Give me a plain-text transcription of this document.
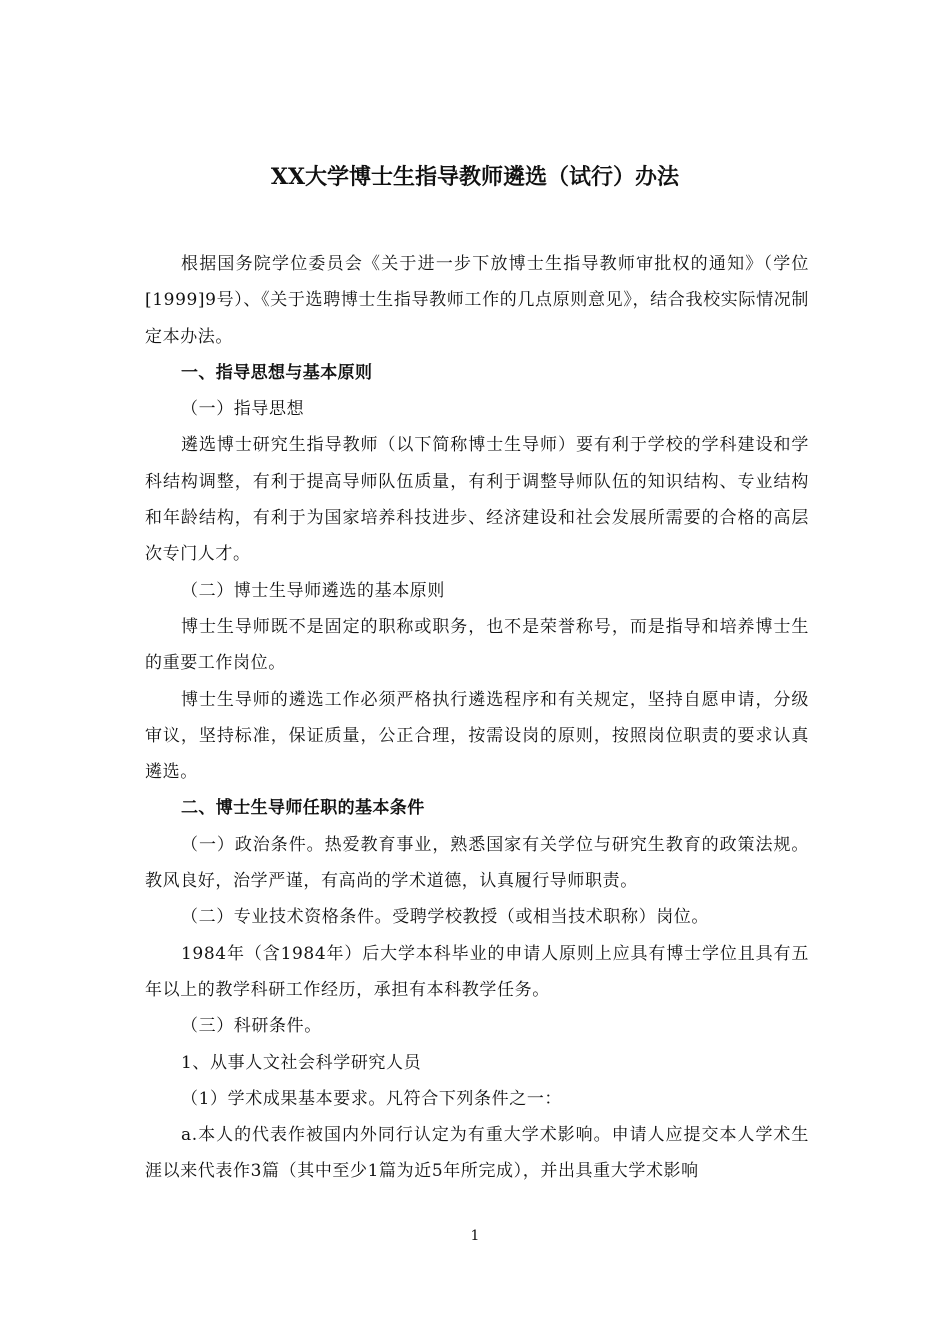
XX大学博士生指导教师遴选（试行）办法

根据国务院学位委员会《关于进一步下放博士生指导教师审批权的通知》（学位[1999]9号）、《关于选聘博士生指导教师工作的几点原则意见》，结合我校实际情况制定本办法。

一、指导思想与基本原则

（一）指导思想

遴选博士研究生指导教师（以下简称博士生导师）要有利于学校的学科建设和学科结构调整，有利于提高导师队伍质量，有利于调整导师队伍的知识结构、专业结构和年龄结构，有利于为国家培养科技进步、经济建设和社会发展所需要的合格的高层次专门人才。

（二）博士生导师遴选的基本原则

博士生导师既不是固定的职称或职务，也不是荣誉称号，而是指导和培养博士生的重要工作岗位。

博士生导师的遴选工作必须严格执行遴选程序和有关规定，坚持自愿申请，分级审议，坚持标准，保证质量，公正合理，按需设岗的原则，按照岗位职责的要求认真遴选。

二、博士生导师任职的基本条件

（一）政治条件。热爱教育事业，熟悉国家有关学位与研究生教育的政策法规。教风良好，治学严谨，有高尚的学术道德，认真履行导师职责。

（二）专业技术资格条件。受聘学校教授（或相当技术职称）岗位。

1984年（含1984年）后大学本科毕业的申请人原则上应具有博士学位且具有五年以上的教学科研工作经历，承担有本科教学任务。

（三）科研条件。

1、从事人文社会科学研究人员

（1）学术成果基本要求。凡符合下列条件之一：

a.本人的代表作被国内外同行认定为有重大学术影响。申请人应提交本人学术生涯以来代表作3篇（其中至少1篇为近5年所完成），并出具重大学术影响

1
